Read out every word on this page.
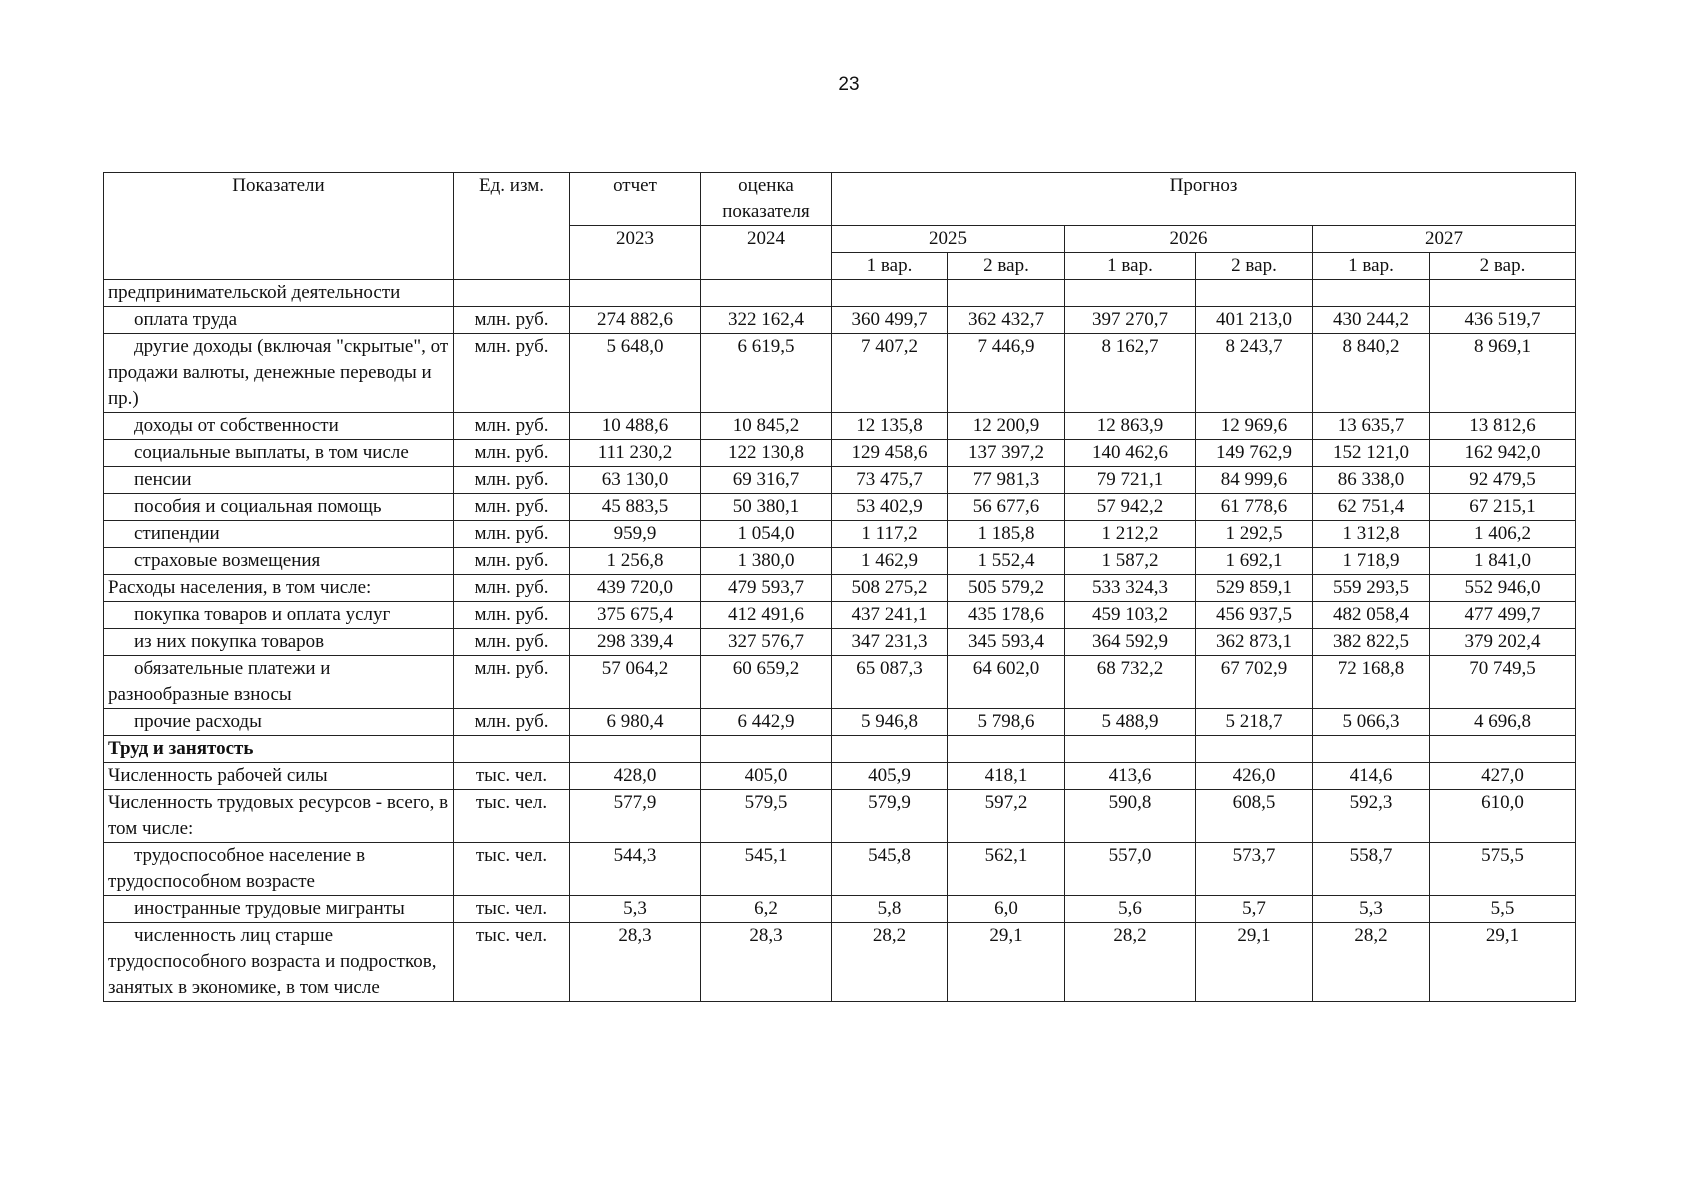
23
Показатели	Ед. изм.	отчет	оценка показателя	Прогноз					
		2023	2024	2025		2026		2027	
				1 вар.	2 вар.	1 вар.	2 вар.	1 вар.	2 вар.
предпринимательской деятельности									
оплата труда	млн. руб.	274 882,6	322 162,4	360 499,7	362 432,7	397 270,7	401 213,0	430 244,2	436 519,7
другие доходы (включая "скрытые", от продажи валюты, денежные переводы и пр.)	млн. руб.	5 648,0	6 619,5	7 407,2	7 446,9	8 162,7	8 243,7	8 840,2	8 969,1
доходы от собственности	млн. руб.	10 488,6	10 845,2	12 135,8	12 200,9	12 863,9	12 969,6	13 635,7	13 812,6
социальные выплаты, в том числе	млн. руб.	111 230,2	122 130,8	129 458,6	137 397,2	140 462,6	149 762,9	152 121,0	162 942,0
пенсии	млн. руб.	63 130,0	69 316,7	73 475,7	77 981,3	79 721,1	84 999,6	86 338,0	92 479,5
пособия и социальная помощь	млн. руб.	45 883,5	50 380,1	53 402,9	56 677,6	57 942,2	61 778,6	62 751,4	67 215,1
стипендии	млн. руб.	959,9	1 054,0	1 117,2	1 185,8	1 212,2	1 292,5	1 312,8	1 406,2
страховые возмещения	млн. руб.	1 256,8	1 380,0	1 462,9	1 552,4	1 587,2	1 692,1	1 718,9	1 841,0
Расходы населения, в том числе:	млн. руб.	439 720,0	479 593,7	508 275,2	505 579,2	533 324,3	529 859,1	559 293,5	552 946,0
покупка товаров и оплата услуг	млн. руб.	375 675,4	412 491,6	437 241,1	435 178,6	459 103,2	456 937,5	482 058,4	477 499,7
из них покупка товаров	млн. руб.	298 339,4	327 576,7	347 231,3	345 593,4	364 592,9	362 873,1	382 822,5	379 202,4
обязательные платежи и разнообразные взносы	млн. руб.	57 064,2	60 659,2	65 087,3	64 602,0	68 732,2	67 702,9	72 168,8	70 749,5
прочие расходы	млн. руб.	6 980,4	6 442,9	5 946,8	5 798,6	5 488,9	5 218,7	5 066,3	4 696,8
Труд и занятость									
Численность рабочей силы	тыс. чел.	428,0	405,0	405,9	418,1	413,6	426,0	414,6	427,0
Численность трудовых ресурсов - всего, в том числе:	тыс. чел.	577,9	579,5	579,9	597,2	590,8	608,5	592,3	610,0
трудоспособное население в трудоспособном возрасте	тыс. чел.	544,3	545,1	545,8	562,1	557,0	573,7	558,7	575,5
иностранные трудовые мигранты	тыс. чел.	5,3	6,2	5,8	6,0	5,6	5,7	5,3	5,5
численность лиц старше трудоспособного возраста и подростков, занятых в экономике, в том числе	тыс. чел.	28,3	28,3	28,2	29,1	28,2	29,1	28,2	29,1
